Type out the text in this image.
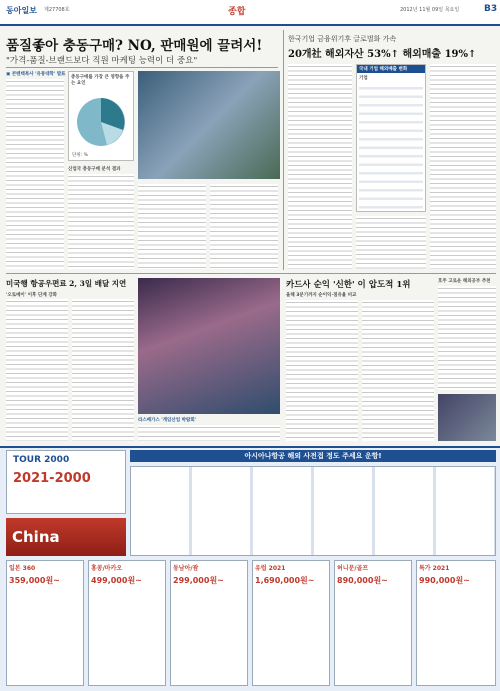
동아일보 제27708호	종합	2012년 11월 09일 목요일	B3
품질좋아 충동구매? NO, 판매원에 끌려서!
"가격-품질-브랜드보다 직원 마케팅 능력이 더 중요"
▣ 콘텐텍복사 '유통대학' 발표
충동구매를 가장 큰 영향을 주는 요인
단위: %
신업국 충동구매 분석 결과
한국기업 금융위기후 글로벌화 가속
20개社 해외자산 53%↑ 해외매출 19%↑
국내 기업 해외매출 변화
기업
미국행 항공우편료 2, 3일 배달 지연
'오토메이' 이후 단계 강화
라스베가스 '게임산업 박람회'
카드사 순익 '신한' 이 압도적 1위
올해 3분기까지 순이익·점유율 비교
호주 고로운 해외공부 추천
아시아나항공 해외 사전접 정도 주세요 운항!
TOUR 2000
2021-2000
China
일본 360
359,000원~
홍콩/마카오
499,000원~
동남아/괌
299,000원~
유럽 2021
1,690,000원~
허니문/골프
890,000원~
특가 2021
990,000원~
